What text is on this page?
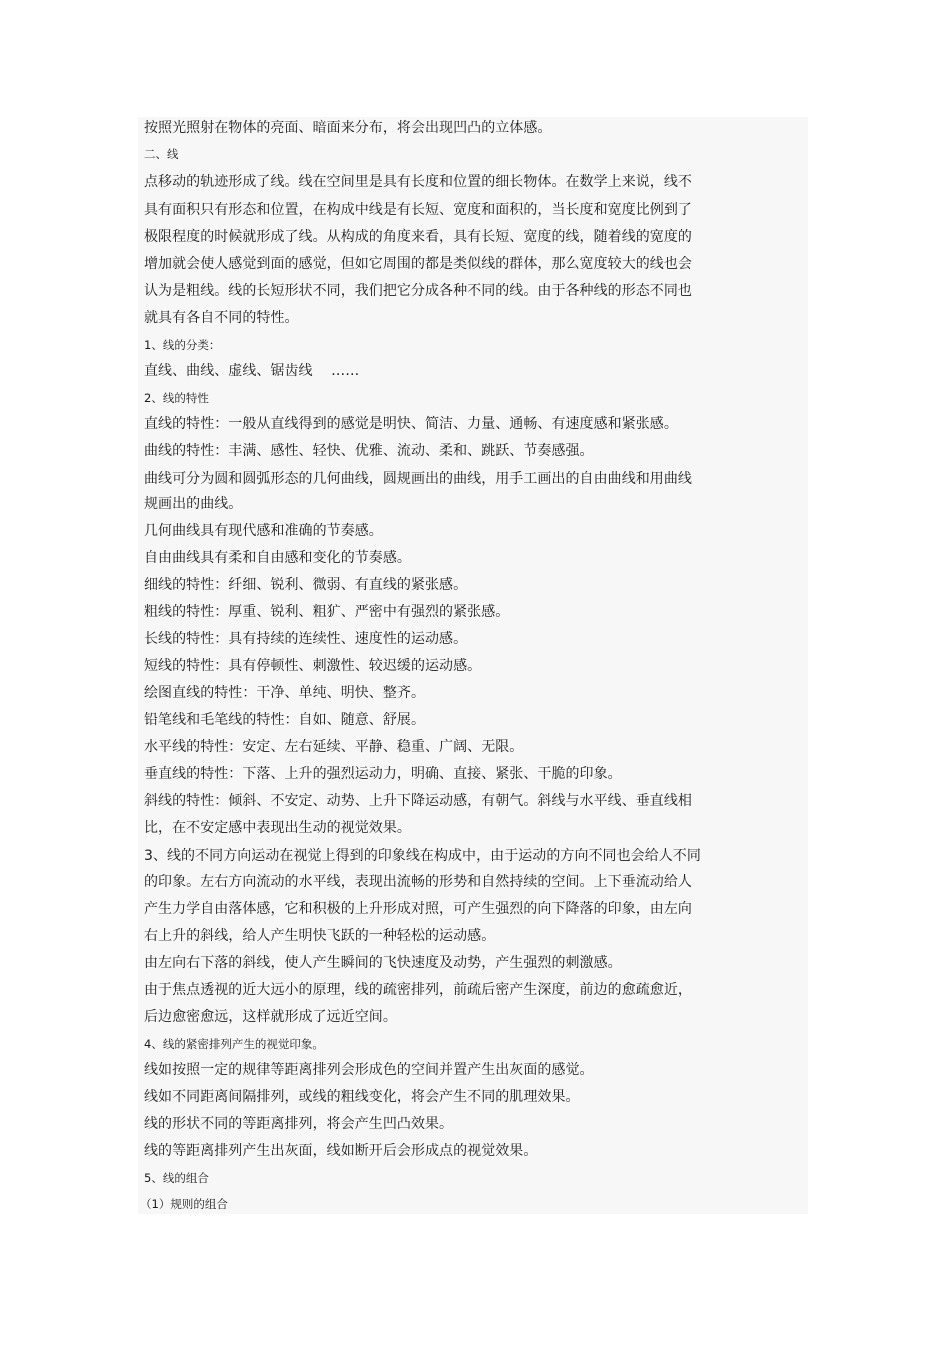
按照光照射在物体的亮面、暗面来分布，将会出现凹凸的立体感。
二、线
点移动的轨迹形成了线。线在空间里是具有长度和位置的细长物体。在数学上来说，线不
具有面积只有形态和位置，在构成中线是有长短、宽度和面积的，当长度和宽度比例到了
极限程度的时候就形成了线。从构成的角度来看，具有长短、宽度的线，随着线的宽度的
增加就会使人感觉到面的感觉，但如它周围的都是类似线的群体，那么宽度较大的线也会
认为是粗线。线的长短形状不同，我们把它分成各种不同的线。由于各种线的形态不同也
就具有各自不同的特性。
1、线的分类：
直线、曲线、虚线、锯齿线　 ……
2、线的特性
直线的特性：一般从直线得到的感觉是明快、简洁、力量、通畅、有速度感和紧张感。
曲线的特性：丰满、感性、轻快、优雅、流动、柔和、跳跃、节奏感强。
曲线可分为圆和圆弧形态的几何曲线，圆规画出的曲线，用手工画出的自由曲线和用曲线
规画出的曲线。
几何曲线具有现代感和准确的节奏感。
自由曲线具有柔和自由感和变化的节奏感。
细线的特性：纤细、锐利、微弱、有直线的紧张感。
粗线的特性：厚重、锐利、粗犷、严密中有强烈的紧张感。
长线的特性：具有持续的连续性、速度性的运动感。
短线的特性：具有停顿性、刺激性、较迟缓的运动感。
绘图直线的特性：干净、单纯、明快、整齐。
铅笔线和毛笔线的特性：自如、随意、舒展。
水平线的特性：安定、左右延续、平静、稳重、广阔、无限。
垂直线的特性：下落、上升的强烈运动力，明确、直接、紧张、干脆的印象。
斜线的特性：倾斜、不安定、动势、上升下降运动感，有朝气。斜线与水平线、垂直线相
比，在不安定感中表现出生动的视觉效果。
3、线的不同方向运动在视觉上得到的印象线在构成中，由于运动的方向不同也会给人不同
的印象。左右方向流动的水平线，表现出流畅的形势和自然持续的空间。上下垂流动给人
产生力学自由落体感，它和积极的上升形成对照，可产生强烈的向下降落的印象，由左向
右上升的斜线，给人产生明快飞跃的一种轻松的运动感。
由左向右下落的斜线，使人产生瞬间的飞快速度及动势，产生强烈的刺激感。
由于焦点透视的近大远小的原理，线的疏密排列，前疏后密产生深度，前边的愈疏愈近，
后边愈密愈远，这样就形成了远近空间。
4、线的紧密排列产生的视觉印象。
线如按照一定的规律等距离排列会形成色的空间并置产生出灰面的感觉。
线如不同距离间隔排列，或线的粗线变化，将会产生不同的肌理效果。
线的形状不同的等距离排列，将会产生凹凸效果。
线的等距离排列产生出灰面，线如断开后会形成点的视觉效果。
5、线的组合
（1）规则的组合
